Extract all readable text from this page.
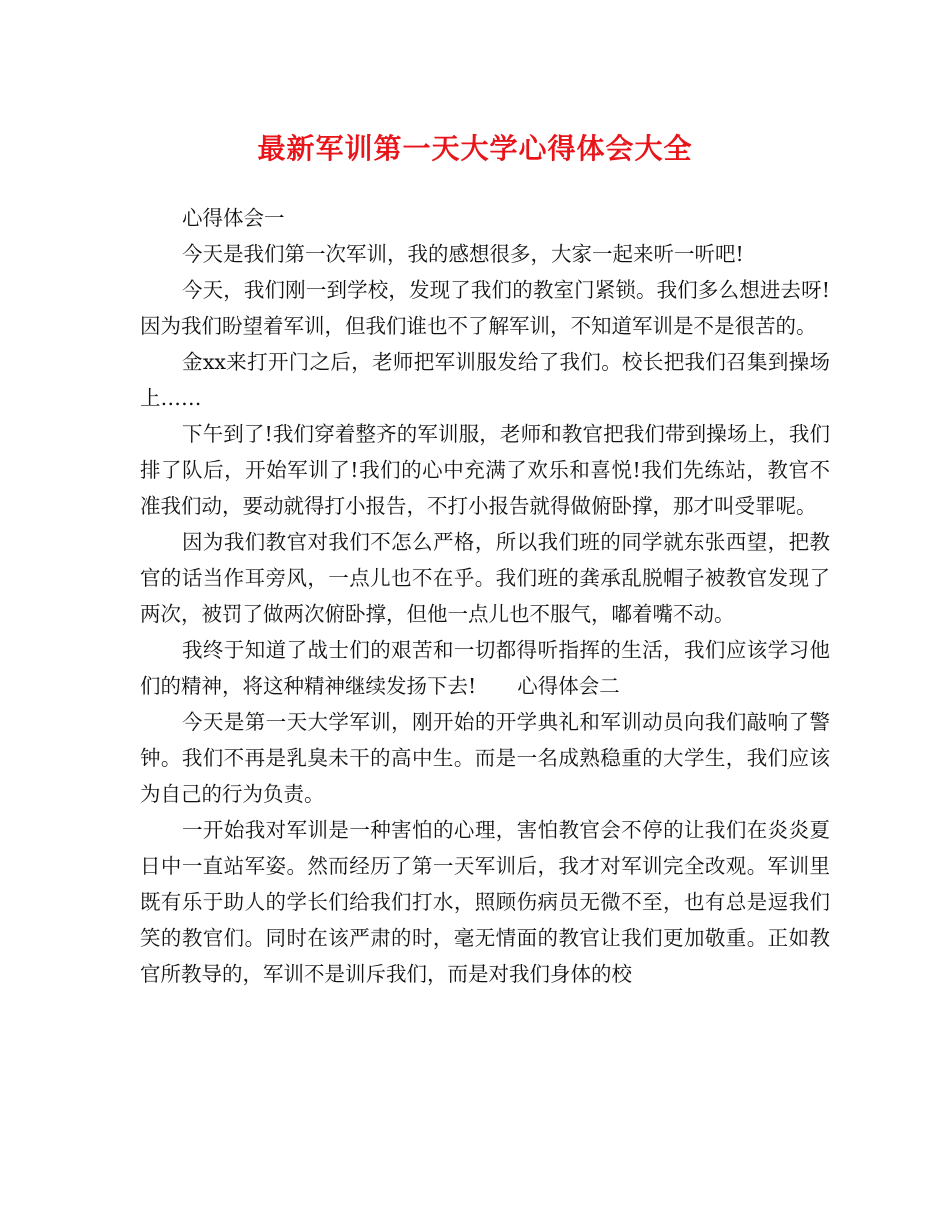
最新军训第一天大学心得体会大全

心得体会一

今天是我们第一次军训，我的感想很多，大家一起来听一听吧!

今天，我们刚一到学校，发现了我们的教室门紧锁。我们多么想进去呀!因为我们盼望着军训，但我们谁也不了解军训，不知道军训是不是很苦的。

金xx来打开门之后，老师把军训服发给了我们。校长把我们召集到操场上……

下午到了!我们穿着整齐的军训服，老师和教官把我们带到操场上，我们排了队后，开始军训了!我们的心中充满了欢乐和喜悦!我们先练站，教官不准我们动，要动就得打小报告，不打小报告就得做俯卧撑，那才叫受罪呢。

因为我们教官对我们不怎么严格，所以我们班的同学就东张西望，把教官的话当作耳旁风，一点儿也不在乎。我们班的龚承乱脱帽子被教官发现了两次，被罚了做两次俯卧撑，但他一点儿也不服气，嘟着嘴不动。

我终于知道了战士们的艰苦和一切都得听指挥的生活，我们应该学习他们的精神，将这种精神继续发扬下去!　　心得体会二

今天是第一天大学军训，刚开始的开学典礼和军训动员向我们敲响了警钟。我们不再是乳臭未干的高中生。而是一名成熟稳重的大学生，我们应该为自己的行为负责。

一开始我对军训是一种害怕的心理，害怕教官会不停的让我们在炎炎夏日中一直站军姿。然而经历了第一天军训后，我才对军训完全改观。军训里既有乐于助人的学长们给我们打水，照顾伤病员无微不至，也有总是逗我们笑的教官们。同时在该严肃的时，毫无情面的教官让我们更加敬重。正如教官所教导的，军训不是训斥我们，而是对我们身体的校
